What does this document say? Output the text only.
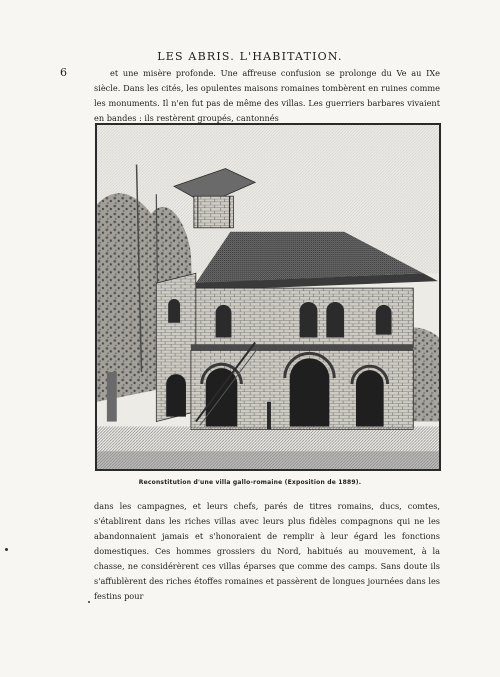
LES ABRIS. L'HABITATION.
6	et une misère profonde. Une affreuse confusion se prolonge du Ve au IXe siècle. Dans les cités, les opulentes maisons romaines tombèrent en ruines comme les monuments. Il n'en fut pas de même des villas. Les guerriers barbares vivaient en bandes : ils restèrent groupés, cantonnés

Reconstitution d'une villa gallo-romaine (Exposition de 1889).

dans les campagnes, et leurs chefs, parés de titres romains, ducs, comtes, s'établirent dans les riches villas avec leurs plus fidèles compagnons qui ne les abandonnaient jamais et s'honoraient de remplir à leur égard les fonctions domestiques. Ces hommes grossiers du Nord, habitués au mouvement, à la chasse, ne considérèrent ces villas éparses que comme des camps. Sans doute ils s'affublèrent des riches étoffes romaines et passèrent de longues journées dans les festins pour
